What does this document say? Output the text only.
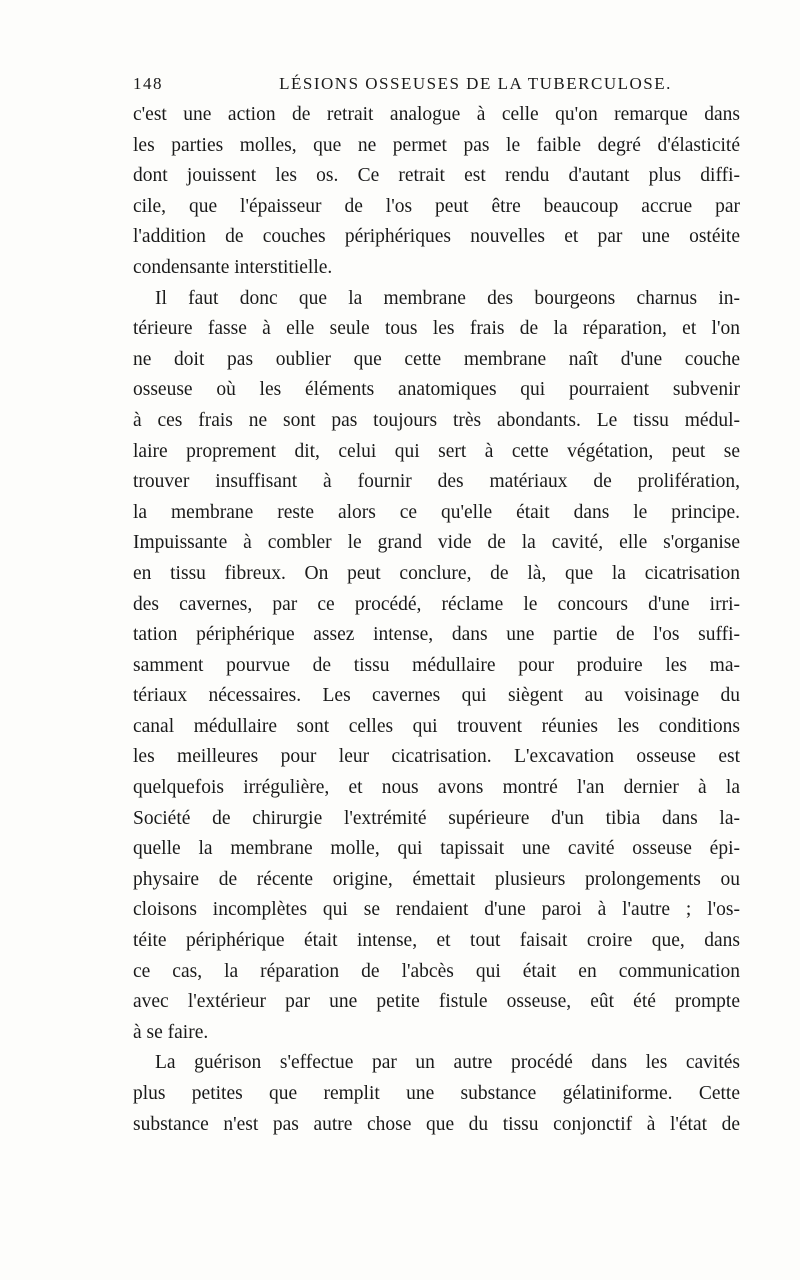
148	LÉSIONS OSSEUSES DE LA TUBERCULOSE.
c'est une action de retrait analogue à celle qu'on remarque dans
les parties molles, que ne permet pas le faible degré d'élasticité
dont jouissent les os. Ce retrait est rendu d'autant plus diffi-
cile, que l'épaisseur de l'os peut être beaucoup accrue par
l'addition de couches périphériques nouvelles et par une ostéite
condensante interstitielle.
Il faut donc que la membrane des bourgeons charnus in-
térieure fasse à elle seule tous les frais de la réparation, et l'on
ne doit pas oublier que cette membrane naît d'une couche
osseuse où les éléments anatomiques qui pourraient subvenir
à ces frais ne sont pas toujours très abondants. Le tissu médul-
laire proprement dit, celui qui sert à cette végétation, peut se
trouver insuffisant à fournir des matériaux de prolifération,
la membrane reste alors ce qu'elle était dans le principe.
Impuissante à combler le grand vide de la cavité, elle s'organise
en tissu fibreux. On peut conclure, de là, que la cicatrisation
des cavernes, par ce procédé, réclame le concours d'une irri-
tation périphérique assez intense, dans une partie de l'os suffi-
samment pourvue de tissu médullaire pour produire les ma-
tériaux nécessaires. Les cavernes qui siègent au voisinage du
canal médullaire sont celles qui trouvent réunies les conditions
les meilleures pour leur cicatrisation. L'excavation osseuse est
quelquefois irrégulière, et nous avons montré l'an dernier à la
Société de chirurgie l'extrémité supérieure d'un tibia dans la-
quelle la membrane molle, qui tapissait une cavité osseuse épi-
physaire de récente origine, émettait plusieurs prolongements ou
cloisons incomplètes qui se rendaient d'une paroi à l'autre ; l'os-
téite périphérique était intense, et tout faisait croire que, dans
ce cas, la réparation de l'abcès qui était en communication
avec l'extérieur par une petite fistule osseuse, eût été prompte
à se faire.
La guérison s'effectue par un autre procédé dans les cavités
plus petites que remplit une substance gélatiniforme. Cette
substance n'est pas autre chose que du tissu conjonctif à l'état de
